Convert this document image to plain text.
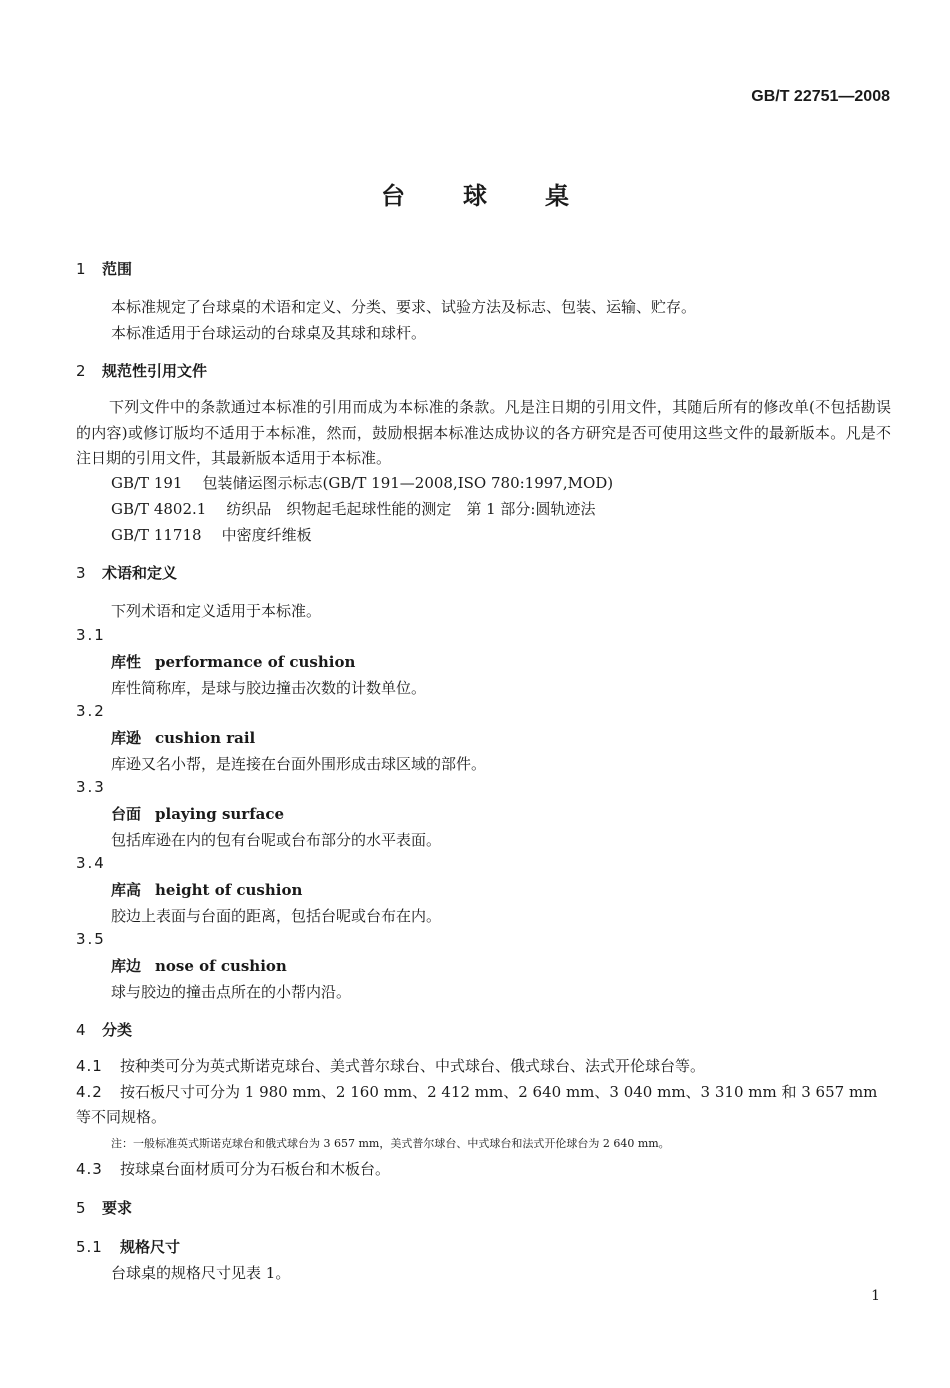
GB/T 22751—2008
台球桌
1 范围
本标准规定了台球桌的术语和定义、分类、要求、试验方法及标志、包装、运输、贮存。
本标准适用于台球运动的台球桌及其球和球杆。
2 规范性引用文件
下列文件中的条款通过本标准的引用而成为本标准的条款。凡是注日期的引用文件，其随后所有的修改单(不包括勘误的内容)或修订版均不适用于本标准，然而，鼓励根据本标准达成协议的各方研究是否可使用这些文件的最新版本。凡是不注日期的引用文件，其最新版本适用于本标准。
GB/T 191 包装储运图示标志(GB/T 191—2008,ISO 780:1997,MOD)
GB/T 4802.1 纺织品　织物起毛起球性能的测定　第 1 部分:圆轨迹法
GB/T 11718 中密度纤维板
3 术语和定义
下列术语和定义适用于本标准。
3.1
库性 performance of cushion
库性简称库，是球与胶边撞击次数的计数单位。
3.2
库逊 cushion rail
库逊又名小帮，是连接在台面外围形成击球区域的部件。
3.3
台面 playing surface
包括库逊在内的包有台呢或台布部分的水平表面。
3.4
库高 height of cushion
胶边上表面与台面的距离，包括台呢或台布在内。
3.5
库边 nose of cushion
球与胶边的撞击点所在的小帮内沿。
4 分类
4.1 按种类可分为英式斯诺克球台、美式普尔球台、中式球台、俄式球台、法式开伦球台等。
4.2 按石板尺寸可分为 1 980 mm、2 160 mm、2 412 mm、2 640 mm、3 040 mm、3 310 mm 和 3 657 mm
等不同规格。
注：一般标准英式斯诺克球台和俄式球台为 3 657 mm，美式普尔球台、中式球台和法式开伦球台为 2 640 mm。
4.3 按球桌台面材质可分为石板台和木板台。
5 要求
5.1 规格尺寸
台球桌的规格尺寸见表 1。
1
